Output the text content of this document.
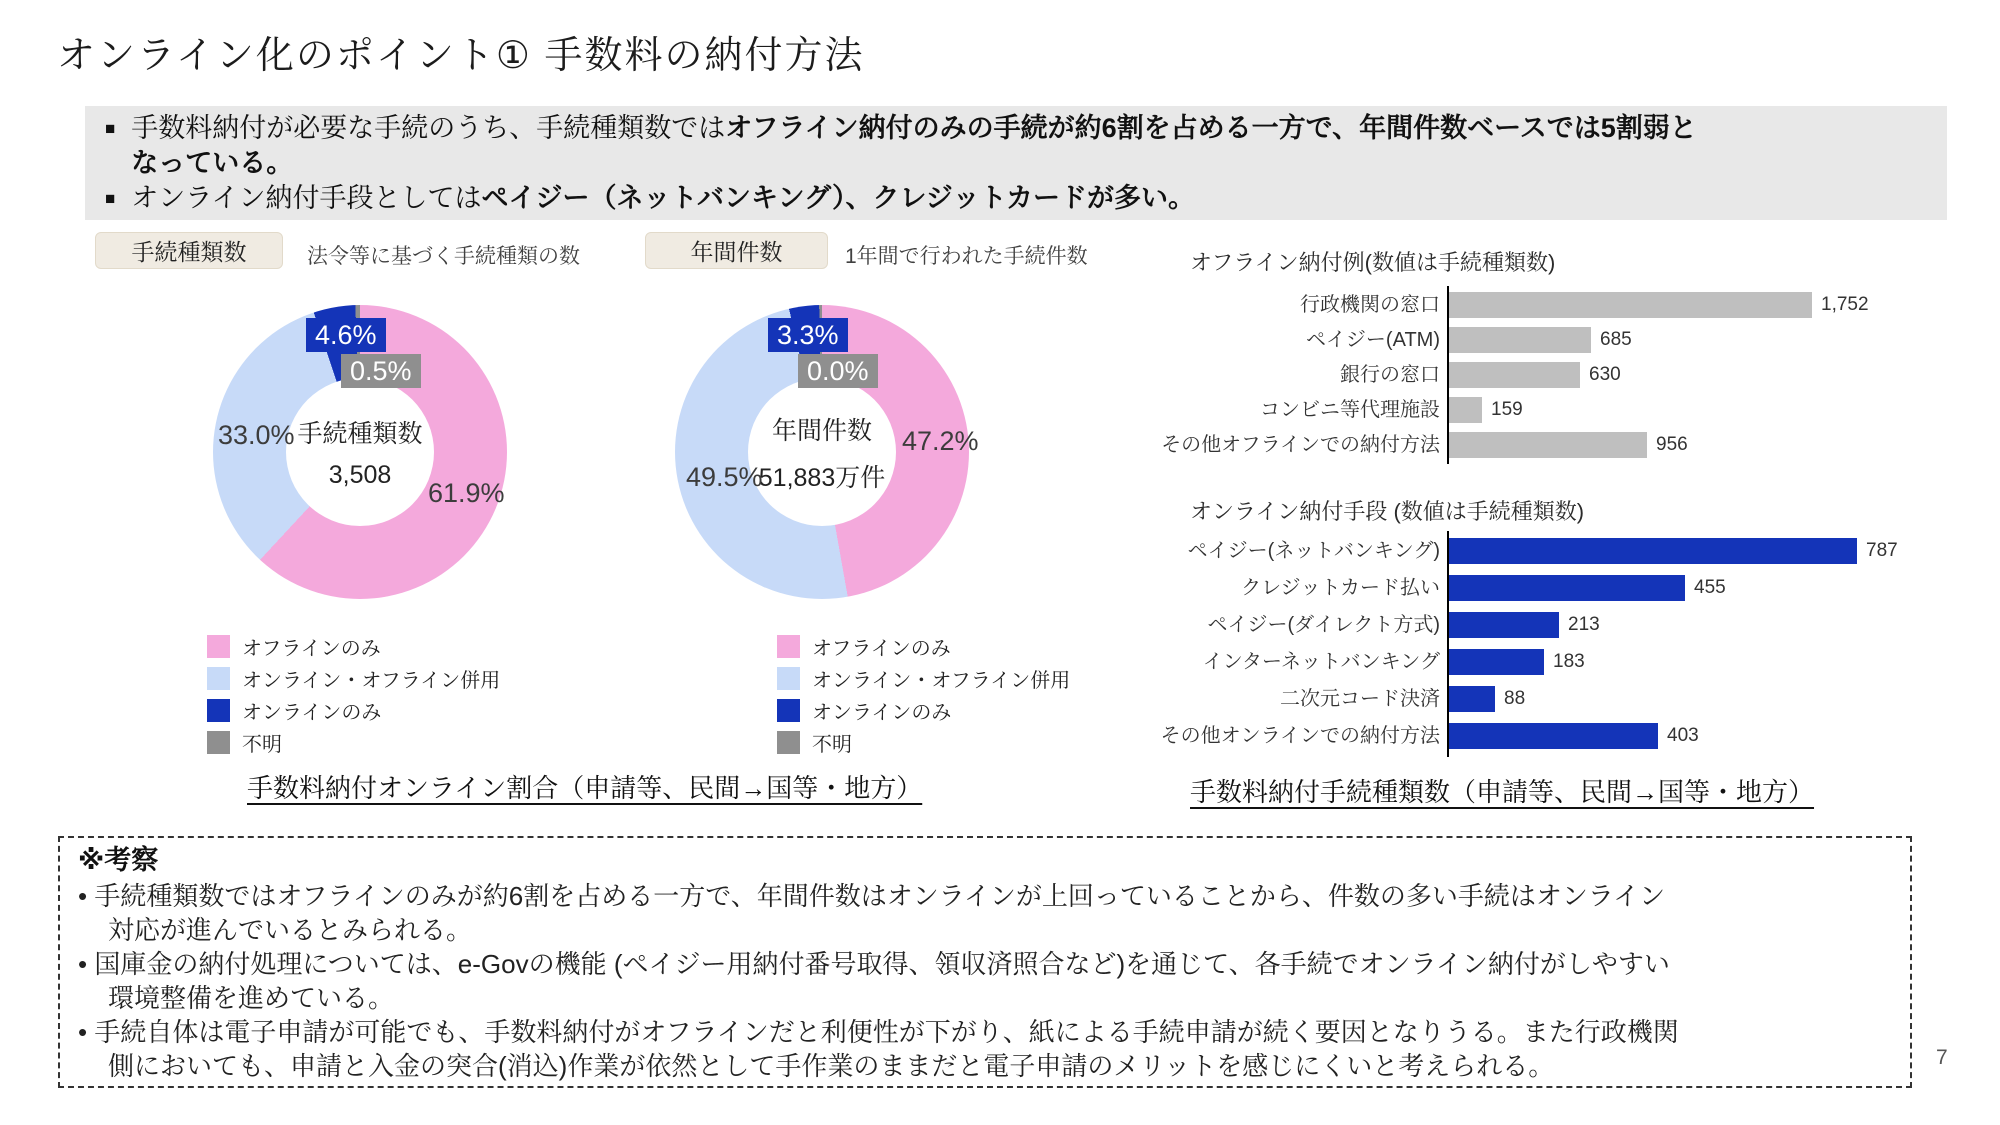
オンライン化のポイント① 手数料の納付方法
■ 手数料納付が必要な手続のうち、手続種類数ではオフライン納付のみの手続が約6割を占める一方で、年間件数ベースでは5割弱と
なっている。
■ オンライン納付手段としてはペイジー（ネットバンキング）、クレジットカードが多い。
手続種類数	法令等に基づく手続種類の数	年間件数	1年間で行われた手続件数
手続種類数
3,508
4.6%
0.5%
33.0%
61.9%
年間件数
51,883万件
3.3%
0.0%
47.2%
49.5%
オフラインのみ
オンライン・オフライン併用
オンラインのみ
不明
オフラインのみ
オンライン・オフライン併用
オンラインのみ
不明
手数料納付オンライン割合（申請等、民間→国等・地方）
オフライン納付例(数値は手続種類数)
行政機関の窓口	1,752
ペイジー(ATM)	685
銀行の窓口	630
コンビニ等代理施設	159
その他オフラインでの納付方法	956
オンライン納付手段 (数値は手続種類数)
ペイジー(ネットバンキング)	787
クレジットカード払い	455
ペイジー(ダイレクト方式)	213
インターネットバンキング	183
二次元コード決済	88
その他オンラインでの納付方法	403
手数料納付手続種類数（申請等、民間→国等・地方）
※考察
• 手続種類数ではオフラインのみが約6割を占める一方で、年間件数はオンラインが上回っていることから、件数の多い手続はオンライン
対応が進んでいるとみられる。
• 国庫金の納付処理については、e-Govの機能 (ペイジー用納付番号取得、領収済照合など)を通じて、各手続でオンライン納付がしやすい
環境整備を進めている。
• 手続自体は電子申請が可能でも、手数料納付がオフラインだと利便性が下がり、紙による手続申請が続く要因となりうる。また行政機関
側においても、申請と入金の突合(消込)作業が依然として手作業のままだと電子申請のメリットを感じにくいと考えられる。	7
